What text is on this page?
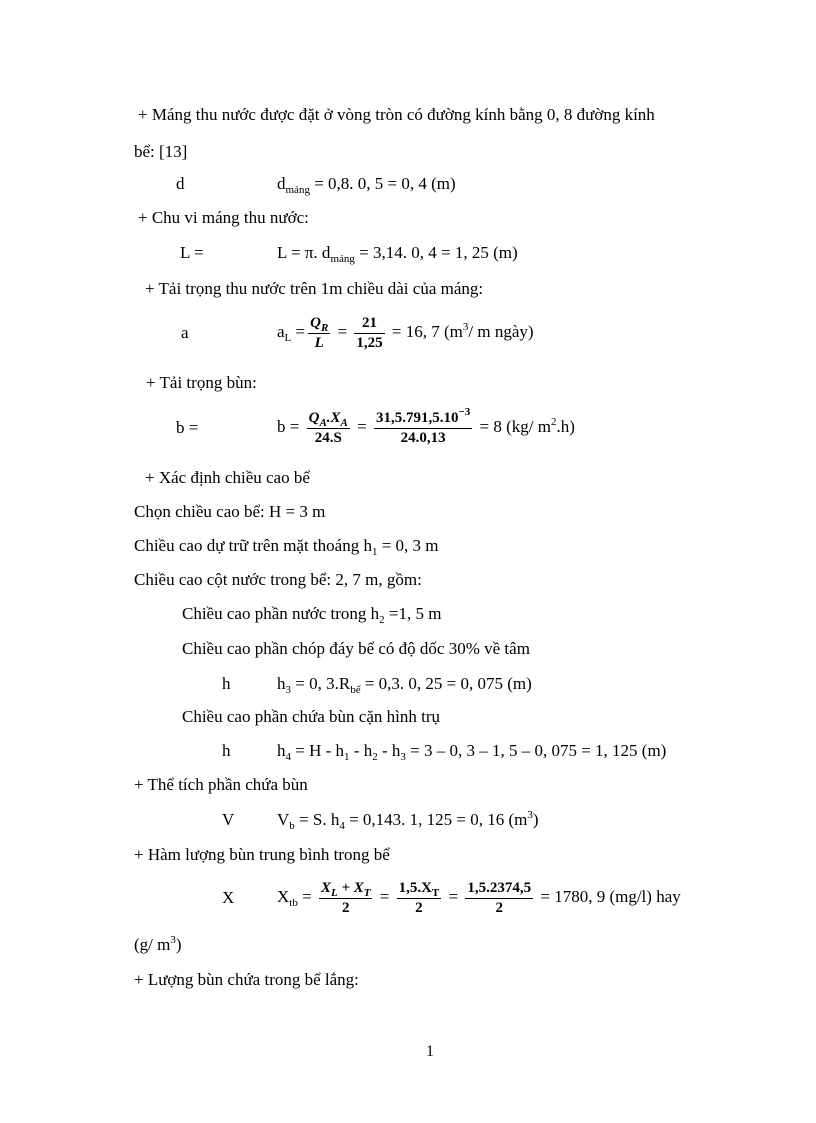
+ Máng thu nước được đặt ở vòng tròn có đường kính bằng 0, 8 đường kính
bể: [13]
d	$d_{máng} = 0,8$. 0, 5 = 0, 4 (m)
+ Chu vi máng thu nước:
L =	L = π. $d_{máng} = 3,14$. 0, 4 = 1, 25 (m)
+ Tải trọng thu nước trên 1m chiều dài của máng:
a	$a_L = \frac{Q_R}{L} = \frac{21}{1,25} = 16$, 7 ($m^3/$ m ngày)
+ Tải trọng bùn:
b =	$b = \frac{Q_A.X_A}{24.S} = \frac{31,5.791,5.10^{-3}}{24.0,13} = 8$ (kg/ $m^2.h$)
+ Xác định chiều cao bể
Chọn chiều cao bể: H = 3 m
Chiều cao dự trữ trên mặt thoáng $h_1 = 0$, 3 m
Chiều cao cột nước trong bể: 2, 7 m, gồm:
Chiều cao phần nước trong $h_2 =1$, 5 m
Chiều cao phần chóp đáy bể có độ dốc 30% về tâm
h	$h_3 = 0$, $3.R_{bể} = 0,3$. 0, 25 = 0, 075 (m)
Chiều cao phần chứa bùn cặn hình trụ
h	$h_4 = H - h_1 - h_2 - h_3 = 3 - 0$, 3 – 1, 5 – 0, 075 = 1, 125 (m)
+ Thể tích phần chứa bùn
V	$V_b = S$. $h_4 = 0,143$. 1, 125 = 0, 16 $(m^3)$
+ Hàm lượng bùn trung bình trong bể
X	$X_{tb} = \frac{X_L + X_T}{2} = \frac{1,5.X_T}{2} = \frac{1,5.2374,5}{2} = 1780$, 9 (mg/l) hay
(g/ $m^3$)
+ Lượng bùn chứa trong bể lắng:
1
